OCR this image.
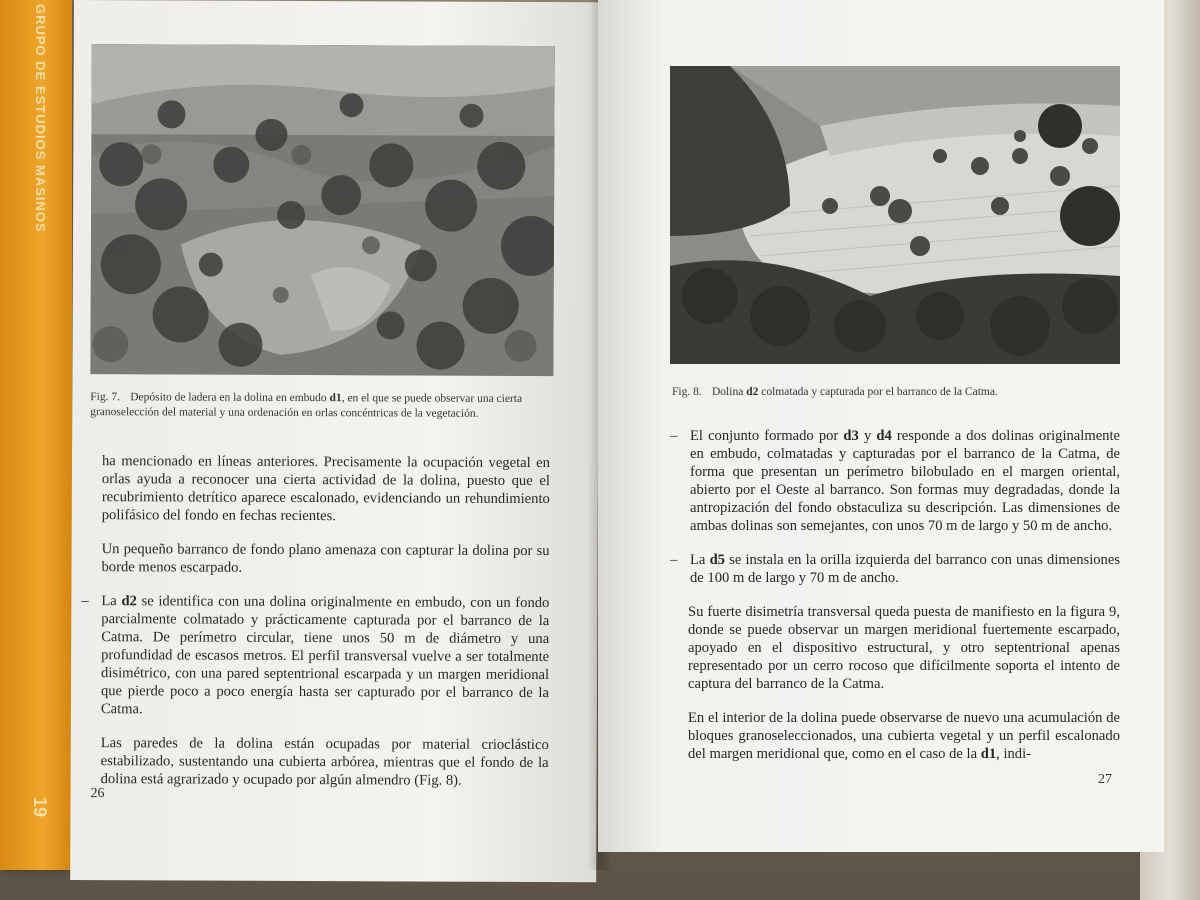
GRUPO DE ESTUDIOS MASINOS
19
Fig. 7. Depósito de ladera en la dolina en embudo d1, en el que se puede observar una cierta granoselección del material y una ordenación en orlas concéntricas de la vegetación.

ha mencionado en líneas anteriores. Precisamente la ocupación vegetal en orlas ayuda a reconocer una cierta actividad de la dolina, puesto que el recubrimiento detrítico aparece escalonado, evidenciando un rehundimiento polifásico del fondo en fechas recientes.

Un pequeño barranco de fondo plano amenaza con capturar la dolina por su borde menos escarpado.

– La d2 se identifica con una dolina originalmente en embudo, con un fondo parcialmente colmatado y prácticamente capturada por el barranco de la Catma. De perímetro circular, tiene unos 50 m de diámetro y una profundidad de escasos metros. El perfil transversal vuelve a ser totalmente disimétrico, con una pared septentrional escarpada y un margen meridional que pierde poco a poco energía hasta ser capturado por el barranco de la Catma.

Las paredes de la dolina están ocupadas por material crioclástico estabilizado, sustentando una cubierta arbórea, mientras que el fondo de la dolina está agrarizado y ocupado por algún almendro (Fig. 8).

26
Fig. 8. Dolina d2 colmatada y capturada por el barranco de la Catma.
– El conjunto formado por d3 y d4 responde a dos dolinas originalmente en embudo, colmatadas y capturadas por el barranco de la Catma, de forma que presentan un perímetro bilobulado en el margen oriental, abierto por el Oeste al barranco. Son formas muy degradadas, donde la antropización del fondo obstaculiza su descripción. Las dimensiones de ambas dolinas son semejantes, con unos 70 m de largo y 50 m de ancho.
– La d5 se instala en la orilla izquierda del barranco con unas dimensiones de 100 m de largo y 70 m de ancho.

Su fuerte disimetría transversal queda puesta de manifiesto en la figura 9, donde se puede observar un margen meridional fuertemente escarpado, apoyado en el dispositivo estructural, y otro septentrional apenas representado por un cerro rocoso que difícilmente soporta el intento de captura del barranco de la Catma.

En el interior de la dolina puede observarse de nuevo una acumulación de bloques granoseleccionados, una cubierta vegetal y un perfil escalonado del margen meridional que, como en el caso de la d1, indi-

27
